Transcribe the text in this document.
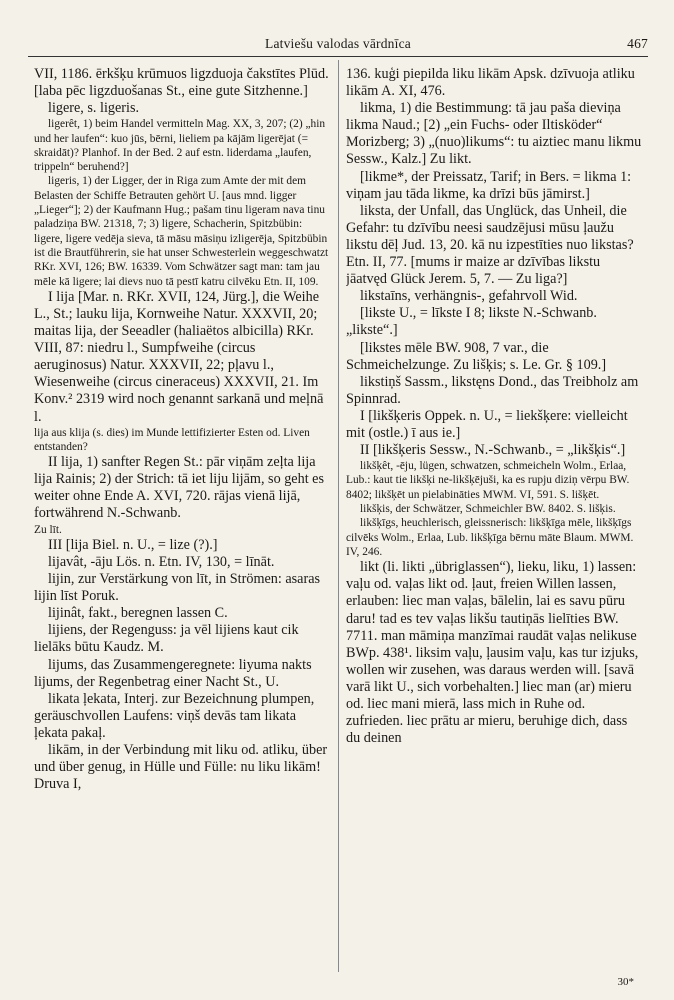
Latviešu valodas vārdnīca	467

VII, 1186. ērkšķu krūmuos ligzduoja čakstītes Plūd. [laba pēc ligzduošanas St., eine gute Sitzhenne.]

ligere, s. ligeris.

ligerêt, 1) beim Handel vermitteln Mag. XX, 3, 207; (2) „hin und her laufen“: kuo jūs, bērni, lieliem pa kājām ligerējat (= skraidāt)? Planhof. In der Bed. 2 auf estn. liderdama „laufen, trippeln“ beruhend?]

ligeris, 1) der Ligger, der in Riga zum Amte der mit dem Belasten der Schiffe Betrauten gehört U. [aus mnd. ligger „Lieger“]; 2) der Kaufmann Hug.; pašam tinu ligeram nava tinu paladziņa BW. 21318, 7; 3) ligere, Schacherin, Spitzbübin: ligere, ligere vedēja sieva, tā māsu māsiņu izligerēja, Spitzbübin ist die Brautführerin, sie hat unser Schwesterlein weggeschwatzt RKr. XVI, 126; BW. 16339. Vom Schwätzer sagt man: tam jau mēle kā ligere; lai dievs nuo tā pestī katru cilvēku Etn. II, 109.

I lija [Mar. n. RKr. XVII, 124, Jürg.], die Weihe L., St.; lauku lija, Kornweihe Natur. XXXVII, 20; maitas lija, der Seeadler (haliaëtos albicilla) RKr. VIII, 87: niedru l., Sumpfweihe (circus aeruginosus) Natur. XXXVII, 22; pļavu l., Wiesenweihe (circus cineraceus) XXXVII, 21. Im Konv.² 2319 wird noch genannt sarkanā und meļnā l.

lija aus klija (s. dies) im Munde lettifizierter Esten od. Liven entstanden?

II lija, 1) sanfter Regen St.: pār viņām zeļta lija lija Rainis; 2) der Strich: tā iet liju lijām, so geht es weiter ohne Ende A. XVI, 720. rājas vienā lijā, fortwährend N.-Schwanb.

Zu līt.

III [lija Biel. n. U., = lize (?).]

lijavât, -āju Lös. n. Etn. IV, 130, = līnāt.

lijin, zur Verstärkung von līt, in Strömen: asaras lijin līst Poruk.

lijinât, fakt., beregnen lassen C.

lijiens, der Regenguss: ja vēl lijiens kaut cik lielāks būtu Kaudz. M.

lijums, das Zusammengeregnete: liyuma nakts lijums, der Regenbetrag einer Nacht St., U.

likata ļekata, Interj. zur Bezeichnung plumpen, geräuschvollen Laufens: viņš devās tam likata ļekata pakaļ.

likām, in der Verbindung mit liku od. atliku, über und über genug, in Hülle und Fülle: nu liku likām! Druva I,

136. kuģi piepilda liku likām Apsk. dzīvuojа atliku likām A. XI, 476.

likma, 1) die Bestimmung: tā jau paša dieviņa likma Naud.; [2) „ein Fuchs- oder Iltisköder“ Morizberg; 3) „(nuo)likums“: tu aiztiec manu likmu Sessw., Kalz.] Zu likt.

[likme*, der Preissatz, Tarif; in Bers. = likma 1: viņam jau tāda likme, ka drīzi būs jāmirst.]

liksta, der Unfall, das Unglück, das Unheil, die Gefahr: tu dzīvību neesi saudzējusi mūsu ļaužu likstu dēļ Jud. 13, 20. kā nu izpestīties nuo likstas? Etn. II, 77. [mums ir maize ar dzīvības likstu jāatvęd Glück Jerem. 5, 7. — Zu liga?]

likstaīns, verhängnis-, gefahrvoll Wid.

[likste U., = līkste I 8; likste N.-Schwanb. „likste“.]

[likstes mēle BW. 908, 7 var., die Schmeichelzunge. Zu lišķis; s. Le. Gr. § 109.]

likstiņš Sassm., likstęns Dond., das Treibholz am Spinnrad.

I [likšķeris Oppek. n. U., = liekšķere: vielleicht mit (ostle.) ī aus ie.]

II [likšķeris Sessw., N.-Schwanb., = „likšķis“.]

likšķêt, -ēju, lügen, schwatzen, schmeicheln Wolm., Erlaa, Lub.: kaut tie likšķi ne-likšķējuši, ka es rupju diziņ vērpu BW. 8402; likšķēt un pielabināties MWM. VI, 591. S. lišķēt.

likšķis, der Schwätzer, Schmeichler BW. 8402. S. lišķis.

likšķīgs, heuchlerisch, gleissnerisch: likšķīga mēle, likšķīgs cilvēks Wolm., Erlaa, Lub. likšķīga bērnu māte Blaum. MWM. IV, 246.

likt (li. likti „übriglassen“), lieku, liku, 1) lassen: vaļu od. vaļas likt od. ļaut, freien Willen lassen, erlauben: liec man vaļas, bālelin, lai es savu pūru daru! tad es tev vaļas likšu tautiņās lielīties BW. 7711. man māmiņa manzīmai raudāt vaļas nelikuse BWp. 438¹. liksim vaļu, ļausim vaļu, kas tur izjuks, wollen wir zusehen, was daraus werden will. [savā varā likt U., sich vorbehalten.] liec man (ar) mieru od. liec mani mierā, lass mich in Ruhe od. zufrieden. liec prātu ar mieru, beruhige dich, dass du deinen

30*
